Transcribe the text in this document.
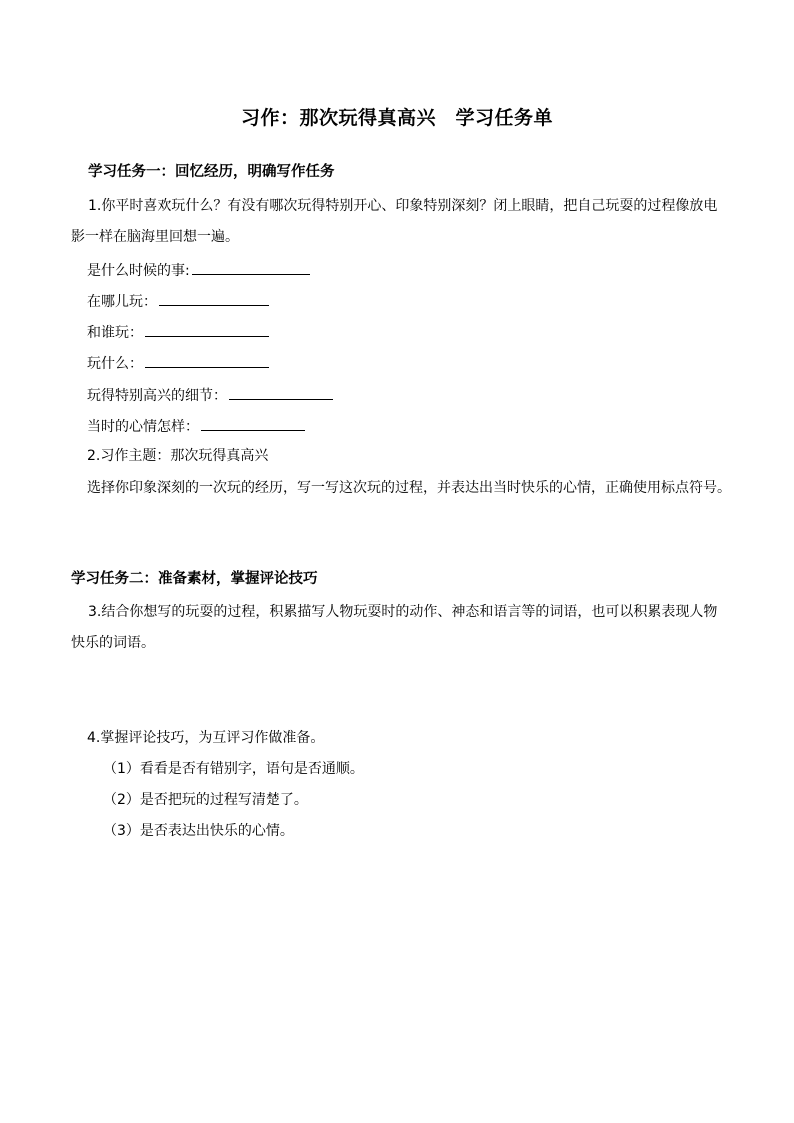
习作：那次玩得真高兴　学习任务单
学习任务一：回忆经历，明确写作任务
1.你平时喜欢玩什么？有没有哪次玩得特别开心、印象特别深刻？闭上眼睛，把自己玩耍的过程像放电影一样在脑海里回想一遍。
是什么时候的事:
在哪儿玩：
和谁玩：
玩什么：
玩得特别高兴的细节：
当时的心情怎样：
2.习作主题：那次玩得真高兴
选择你印象深刻的一次玩的经历，写一写这次玩的过程，并表达出当时快乐的心情，正确使用标点符号。
学习任务二：准备素材，掌握评论技巧
3.结合你想写的玩耍的过程，积累描写人物玩耍时的动作、神态和语言等的词语，也可以积累表现人物快乐的词语。
4.掌握评论技巧，为互评习作做准备。
（1）看看是否有错别字，语句是否通顺。
（2）是否把玩的过程写清楚了。
（3）是否表达出快乐的心情。
